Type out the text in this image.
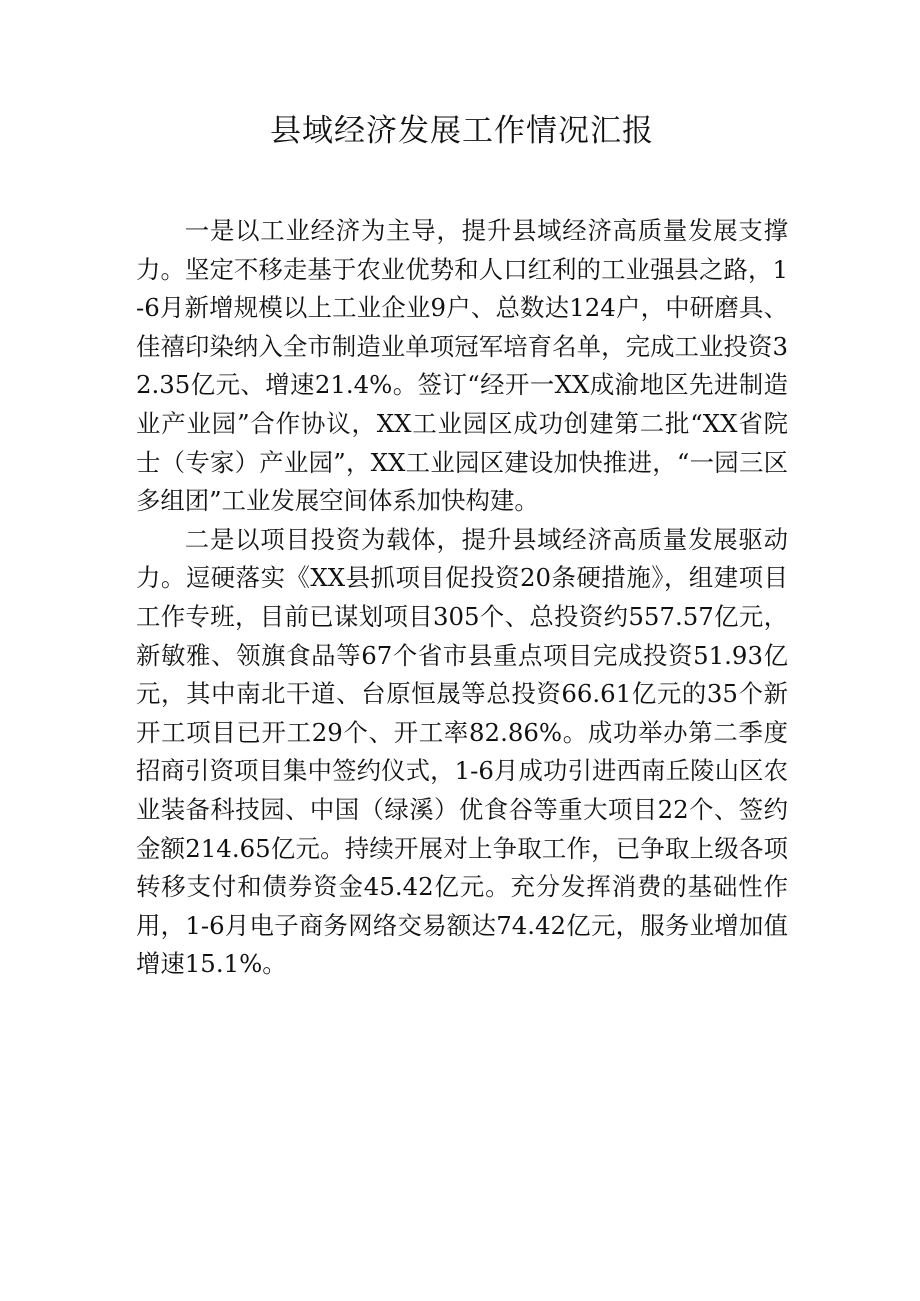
县域经济发展工作情况汇报

一是以工业经济为主导，提升县域经济高质量发展支撑力。坚定不移走基于农业优势和人口红利的工业强县之路，1-6月新增规模以上工业企业9户、总数达124户，中研磨具、佳禧印染纳入全市制造业单项冠军培育名单，完成工业投资32.35亿元、增速21.4%。签订“经开一XX成渝地区先进制造业产业园”合作协议，XX工业园区成功创建第二批“XX省院士（专家）产业园”，XX工业园区建设加快推进，“一园三区多组团”工业发展空间体系加快构建。

二是以项目投资为载体，提升县域经济高质量发展驱动力。逗硬落实《XX县抓项目促投资20条硬措施》，组建项目工作专班，目前已谋划项目305个、总投资约557.57亿元，新敏雅、领旗食品等67个省市县重点项目完成投资51.93亿元，其中南北干道、台原恒晟等总投资66.61亿元的35个新开工项目已开工29个、开工率82.86%。成功举办第二季度招商引资项目集中签约仪式，1-6月成功引进西南丘陵山区农业装备科技园、中国（绿溪）优食谷等重大项目22个、签约金额214.65亿元。持续开展对上争取工作，已争取上级各项转移支付和债券资金45.42亿元。充分发挥消费的基础性作用，1-6月电子商务网络交易额达74.42亿元，服务业增加值增速15.1%。
